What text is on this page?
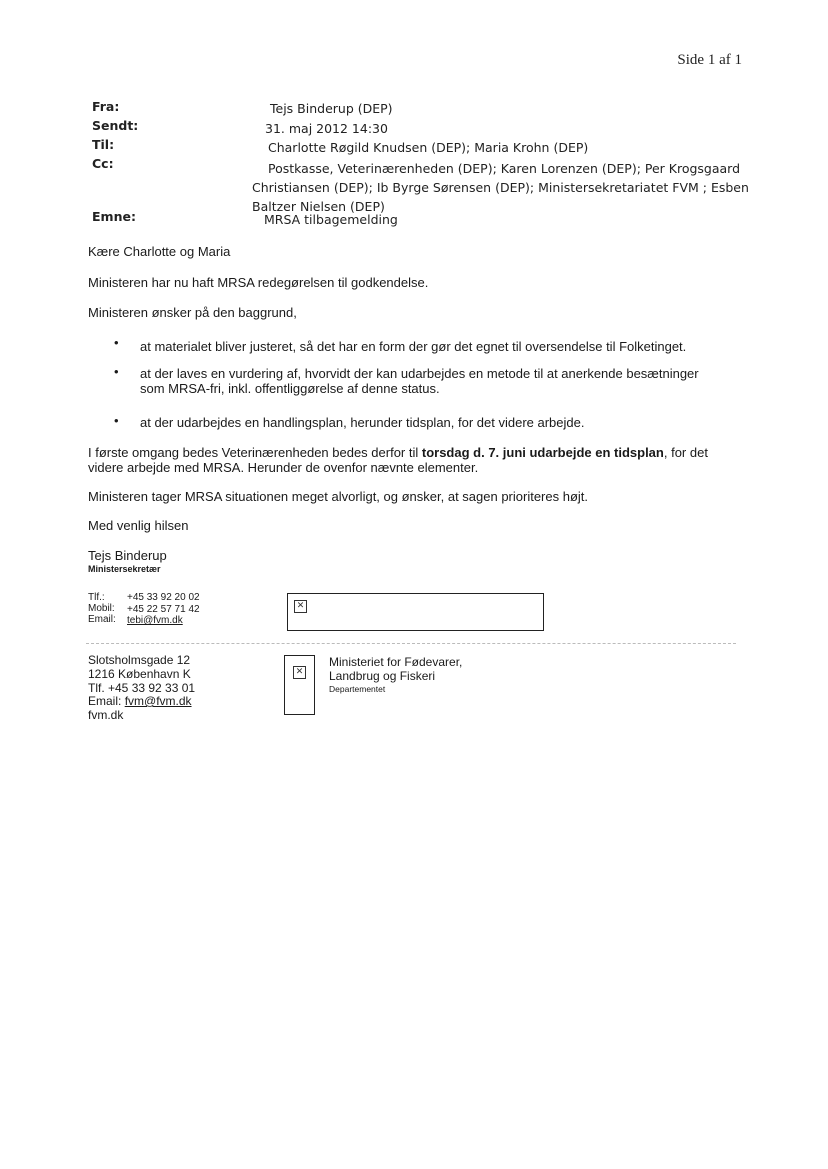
Side 1 af 1
Fra:	Tejs Binderup (DEP)
Sendt:	31. maj 2012 14:30
Til:	Charlotte Røgild Knudsen (DEP); Maria Krohn (DEP)
Cc:	Postkasse, Veterinærenheden (DEP); Karen Lorenzen (DEP); Per Krogsgaard Christiansen (DEP); Ib Byrge Sørensen (DEP); Ministersekretariatet FVM ; Esben Baltzer Nielsen (DEP)
Emne:	MRSA tilbagemelding
Kære Charlotte og Maria
Ministeren har nu haft MRSA redegørelsen til godkendelse.
Ministeren ønsker på den baggrund,
• at materialet bliver justeret, så det har en form der gør det egnet til oversendelse til Folketinget.
• at der laves en vurdering af, hvorvidt der kan udarbejdes en metode til at anerkende besætninger som MRSA-fri, inkl. offentliggørelse af denne status.
• at der udarbejdes en handlingsplan, herunder tidsplan, for det videre arbejde.
I første omgang bedes Veterinærenheden bedes derfor til torsdag d. 7. juni udarbejde en tidsplan, for det videre arbejde med MRSA. Herunder de ovenfor nævnte elementer.
Ministeren tager MRSA situationen meget alvorligt, og ønsker, at sagen prioriteres højt.
Med venlig hilsen
Tejs Binderup
Ministersekretær
Tlf.: +45 33 92 20 02
Mobil: +45 22 57 71 42
Email: tebi@fvm.dk
✕
Slotsholmsgade 12
1216 København K
Tlf. +45 33 92 33 01
Email: fvm@fvm.dk
fvm.dk
✕
Ministeriet for Fødevarer,
Landbrug og Fiskeri
Departementet
